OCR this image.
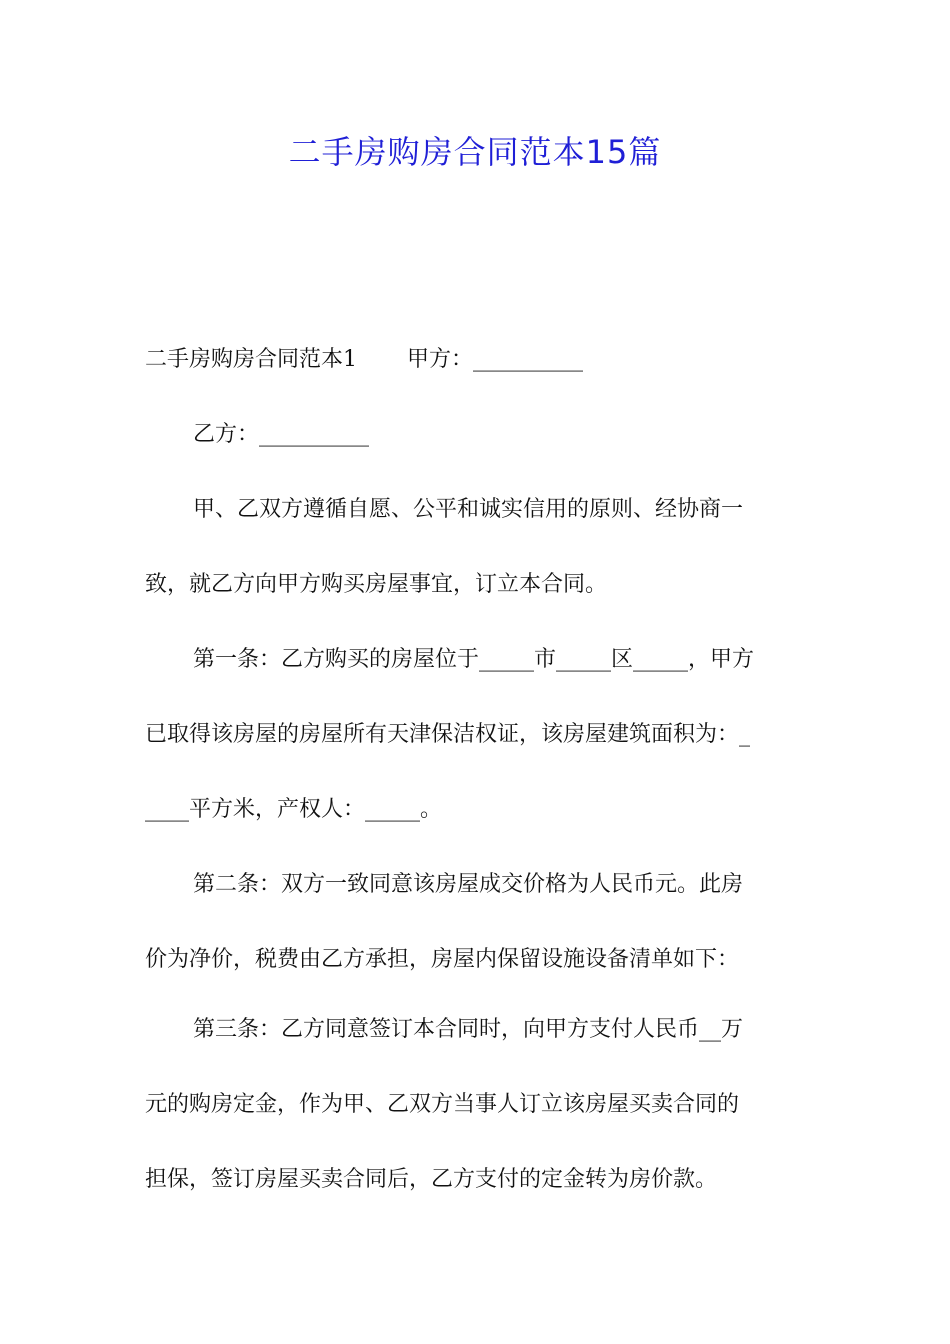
二手房购房合同范本15篇
二手房购房合同范本1 甲方：__________
乙方：__________
甲、乙双方遵循自愿、公平和诚实信用的原则、经协商一
致，就乙方向甲方购买房屋事宜，订立本合同。
第一条：乙方购买的房屋位于_____市_____区_____，甲方
已取得该房屋的房屋所有天津保洁权证，该房屋建筑面积为：_
____平方米，产权人：_____。
第二条：双方一致同意该房屋成交价格为人民币元。此房
价为净价，税费由乙方承担，房屋内保留设施设备清单如下：
第三条：乙方同意签订本合同时，向甲方支付人民币__万
元的购房定金，作为甲、乙双方当事人订立该房屋买卖合同的
担保，签订房屋买卖合同后，乙方支付的定金转为房价款。
